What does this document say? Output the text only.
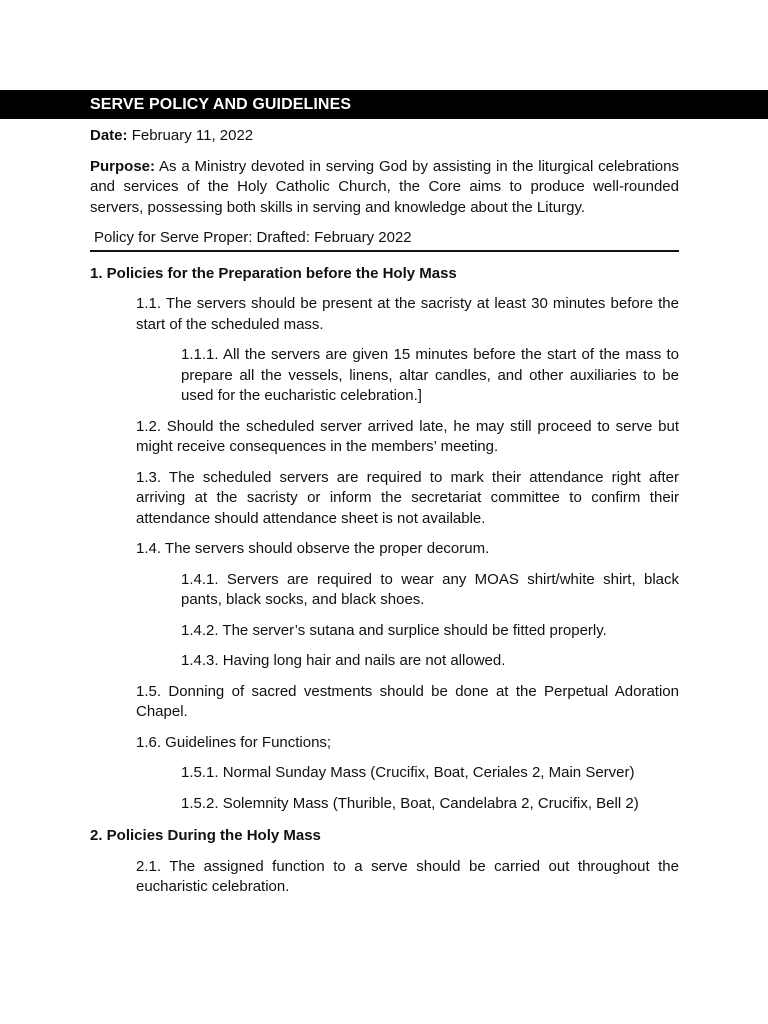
SERVE POLICY AND GUIDELINES

Date: February 11, 2022

Purpose: As a Ministry devoted in serving God by assisting in the liturgical celebrations and services of the Holy Catholic Church, the Core aims to produce well-rounded servers, possessing both skills in serving and knowledge about the Liturgy.

Policy for Serve Proper: Drafted: February 2022

1. Policies for the Preparation before the Holy Mass

1.1. The servers should be present at the sacristy at least 30 minutes before the start of the scheduled mass.

1.1.1. All the servers are given 15 minutes before the start of the mass to prepare all the vessels, linens, altar candles, and other auxiliaries to be used for the eucharistic celebration.]

1.2. Should the scheduled server arrived late, he may still proceed to serve but might receive consequences in the members’ meeting.

1.3. The scheduled servers are required to mark their attendance right after arriving at the sacristy or inform the secretariat committee to confirm their attendance should attendance sheet is not available.

1.4. The servers should observe the proper decorum.

1.4.1. Servers are required to wear any MOAS shirt/white shirt, black pants, black socks, and black shoes.

1.4.2. The server’s sutana and surplice should be fitted properly.

1.4.3. Having long hair and nails are not allowed.

1.5. Donning of sacred vestments should be done at the Perpetual Adoration Chapel.

1.6. Guidelines for Functions;

1.5.1. Normal Sunday Mass (Crucifix, Boat, Ceriales 2, Main Server)

1.5.2. Solemnity Mass (Thurible, Boat, Candelabra 2, Crucifix, Bell 2)

2. Policies During the Holy Mass

2.1. The assigned function to a serve should be carried out throughout the eucharistic celebration.
